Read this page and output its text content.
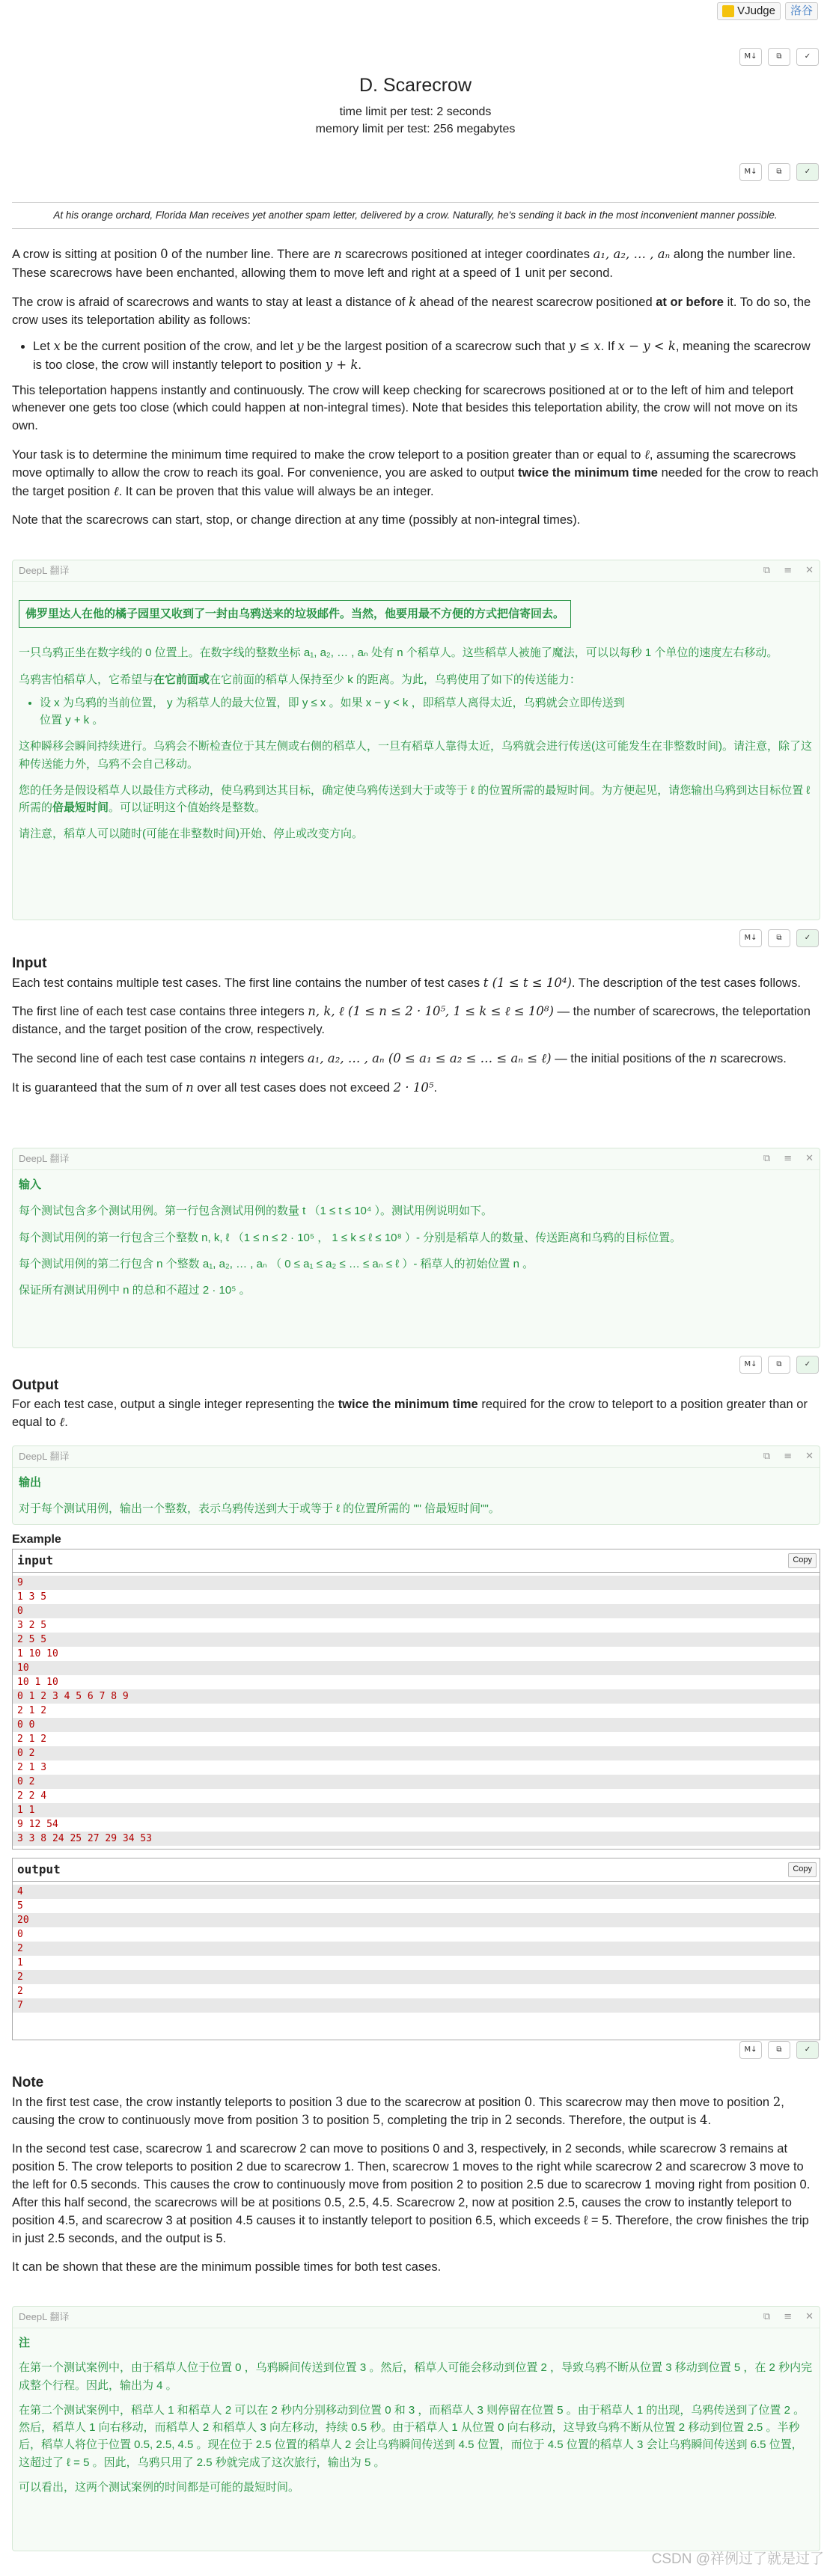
VJudge 洛谷
M↓	⧉	✓
D. Scarecrow

time limit per test: 2 seconds

memory limit per test: 256 megabytes

M↓	⧉	✓
At his orange orchard, Florida Man receives yet another spam letter, delivered by a crow. Naturally, he's sending it back in the most inconvenient manner possible.

A crow is sitting at position 0 of the number line. There are n scarecrows positioned at integer coordinates a₁, a₂, … , aₙ along the number line. These scarecrows have been enchanted, allowing them to move left and right at a speed of 1 unit per second.

The crow is afraid of scarecrows and wants to stay at least a distance of k ahead of the nearest scarecrow positioned at or before it. To do so, the crow uses its teleportation ability as follows:

• Let x be the current position of the crow, and let y be the largest position of a scarecrow such that y ≤ x. If x − y < k, meaning the scarecrow is too close, the crow will instantly teleport to position y + k.

This teleportation happens instantly and continuously. The crow will keep checking for scarecrows positioned at or to the left of him and teleport whenever one gets too close (which could happen at non-integral times). Note that besides this teleportation ability, the crow will not move on its own.

Your task is to determine the minimum time required to make the crow teleport to a position greater than or equal to ℓ, assuming the scarecrows move optimally to allow the crow to reach its goal. For convenience, you are asked to output twice the minimum time needed for the crow to reach the target position ℓ. It can be proven that this value will always be an integer.

Note that the scarecrows can start, stop, or change direction at any time (possibly at non-integral times).

DeepL 翻译	⧉ ≡ ✕
佛罗里达人在他的橘子园里又收到了一封由乌鸦送来的垃圾邮件。当然，他要用最不方便的方式把信寄回去。

一只乌鸦正坐在数字线的 0 位置上。在数字线的整数坐标 a₁, a₂, … , aₙ 处有 n 个稻草人。这些稻草人被施了魔法，可以以每秒 1 个单位的速度左右移动。

乌鸦害怕稻草人，它希望与在它前面或在它前面的稻草人保持至少 k 的距离。为此，乌鸦使用了如下的传送能力：

• 设 x 为乌鸦的当前位置， y 为稻草人的最大位置，即 y ≤ x 。如果 x − y < k ，即稻草人离得太近，乌鸦就会立即传送到
位置 y + k 。

这种瞬移会瞬间持续进行。乌鸦会不断检查位于其左侧或右侧的稻草人，一旦有稻草人靠得太近，乌鸦就会进行传送(这可能发生在非整数时间)。请注意，除了这种传送能力外，乌鸦不会自己移动。

您的任务是假设稻草人以最佳方式移动，使乌鸦到达其目标，确定使乌鸦传送到大于或等于 ℓ 的位置所需的最短时间。为方便起见，请您输出乌鸦到达目标位置 ℓ 所需的倍最短时间。可以证明这个值始终是整数。

请注意，稻草人可以随时(可能在非整数时间)开始、停止或改变方向。

M↓	⧉	✓
Input

Each test contains multiple test cases. The first line contains the number of test cases t (1 ≤ t ≤ 10⁴). The description of the test cases follows.

The first line of each test case contains three integers n, k, ℓ (1 ≤ n ≤ 2 · 10⁵, 1 ≤ k ≤ ℓ ≤ 10⁸) — the number of scarecrows, the teleportation distance, and the target position of the crow, respectively.

The second line of each test case contains n integers a₁, a₂, … , aₙ (0 ≤ a₁ ≤ a₂ ≤ … ≤ aₙ ≤ ℓ) — the initial positions of the n scarecrows.

It is guaranteed that the sum of n over all test cases does not exceed 2 · 10⁵.

DeepL 翻译	⧉ ≡ ✕

输入

每个测试包含多个测试用例。第一行包含测试用例的数量 t （1 ≤ t ≤ 10⁴ ）。测试用例说明如下。

每个测试用例的第一行包含三个整数 n, k, ℓ （1 ≤ n ≤ 2 · 10⁵ ， 1 ≤ k ≤ ℓ ≤ 10⁸ ）- 分别是稻草人的数量、传送距离和乌鸦的目标位置。

每个测试用例的第二行包含 n 个整数 a₁, a₂, … , aₙ （ 0 ≤ a₁ ≤ a₂ ≤ … ≤ aₙ ≤ ℓ ）- 稻草人的初始位置 n 。

保证所有测试用例中 n 的总和不超过 2 · 10⁵ 。

M↓	⧉	✓
Output

For each test case, output a single integer representing the twice the minimum time required for the crow to teleport to a position greater than or equal to ℓ.

DeepL 翻译	⧉ ≡ ✕

输出

对于每个测试用例，输出一个整数，表示乌鸦传送到大于或等于 ℓ 的位置所需的 "" 倍最短时间""。

Example
input	Copy
9
1 3 5
0
3 2 5
2 5 5
1 10 10
10
10 1 10
0 1 2 3 4 5 6 7 8 9
2 1 2
0 0
2 1 2
0 2
2 1 3
0 2
2 2 4
1 1
9 12 54
3 3 8 24 25 27 29 34 53
output	Copy
4
5
20
0
2
1
2
2
7
M↓	⧉	✓
Note

In the first test case, the crow instantly teleports to position 3 due to the scarecrow at position 0. This scarecrow may then move to position 2, causing the crow to continuously move from position 3 to position 5, completing the trip in 2 seconds. Therefore, the output is 4.

In the second test case, scarecrow 1 and scarecrow 2 can move to positions 0 and 3, respectively, in 2 seconds, while scarecrow 3 remains at position 5. The crow teleports to position 2 due to scarecrow 1. Then, scarecrow 1 moves to the right while scarecrow 2 and scarecrow 3 move to the left for 0.5 seconds. This causes the crow to continuously move from position 2 to position 2.5 due to scarecrow 1 moving right from position 0. After this half second, the scarecrows will be at positions 0.5, 2.5, 4.5. Scarecrow 2, now at position 2.5, causes the crow to instantly teleport to position 4.5, and scarecrow 3 at position 4.5 causes it to instantly teleport to position 6.5, which exceeds ℓ = 5. Therefore, the crow finishes the trip in just 2.5 seconds, and the output is 5.

It can be shown that these are the minimum possible times for both test cases.

DeepL 翻译	⧉ ≡ ✕

注

在第一个测试案例中，由于稻草人位于位置 0 ，乌鸦瞬间传送到位置 3 。然后，稻草人可能会移动到位置 2 ，导致乌鸦不断从位置 3 移动到位置 5 ，在 2 秒内完成整个行程。因此，输出为 4 。

在第二个测试案例中，稻草人 1 和稻草人 2 可以在 2 秒内分别移动到位置 0 和 3 ，而稻草人 3 则停留在位置 5 。由于稻草人 1 的出现，乌鸦传送到了位置 2 。然后，稻草人 1 向右移动，而稻草人 2 和稻草人 3 向左移动，持续 0.5 秒。由于稻草人 1 从位置 0 向右移动，这导致乌鸦不断从位置 2 移动到位置 2.5 。半秒后，稻草人将位于位置 0.5, 2.5, 4.5 。现在位于 2.5 位置的稻草人 2 会让乌鸦瞬间传送到 4.5 位置，而位于 4.5 位置的稻草人 3 会让乌鸦瞬间传送到 6.5 位置，这超过了 ℓ = 5 。因此，乌鸦只用了 2.5 秒就完成了这次旅行，输出为 5 。

可以看出，这两个测试案例的时间都是可能的最短时间。

CSDN @祥例过了就是过了
